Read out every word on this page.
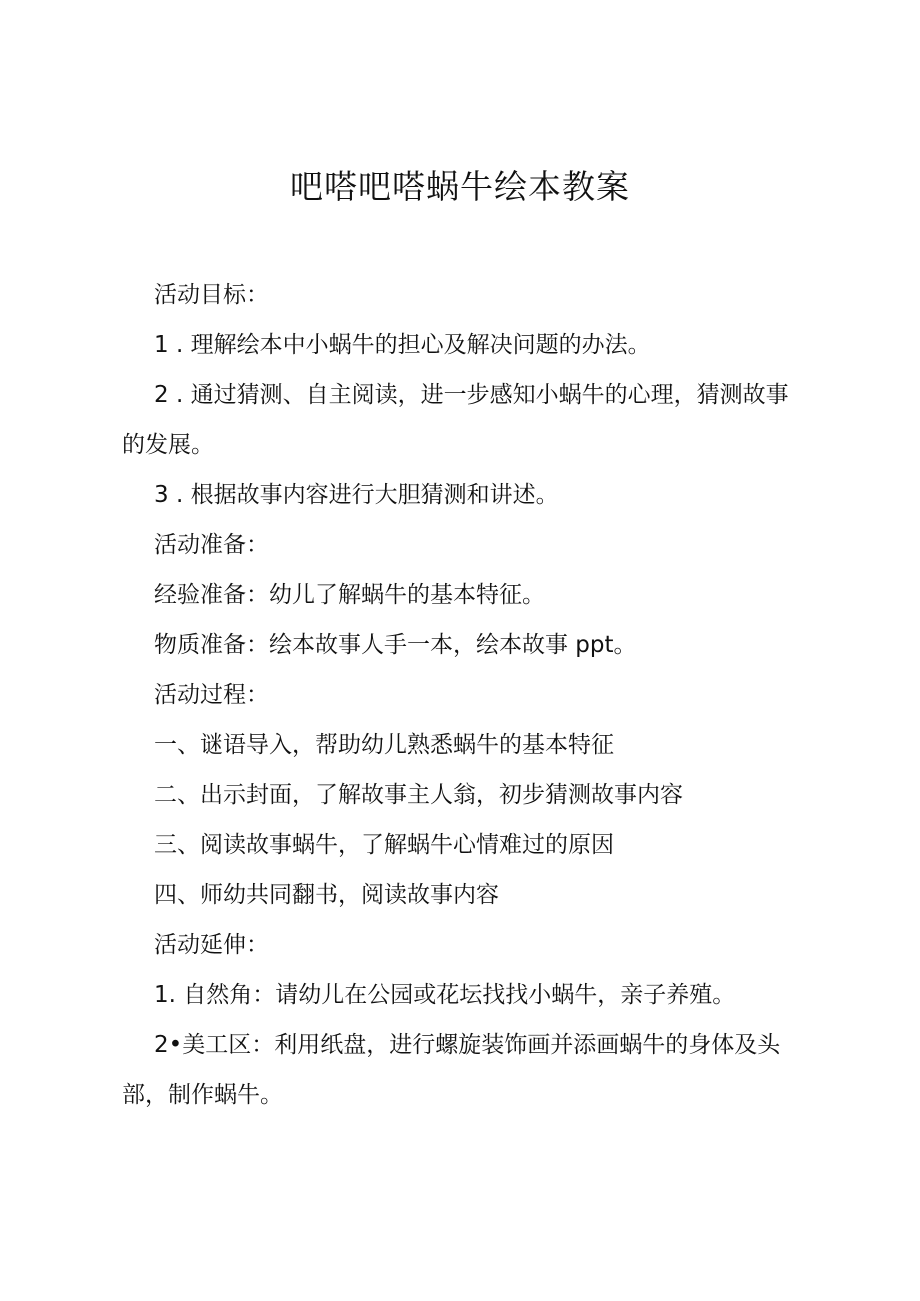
吧嗒吧嗒蜗牛绘本教案

活动目标：

1 . 理解绘本中小蜗牛的担心及解决问题的办法。

2 . 通过猜测、自主阅读，进一步感知小蜗牛的心理，猜测故事的发展。

3 . 根据故事内容进行大胆猜测和讲述。

活动准备：

经验准备：幼儿了解蜗牛的基本特征。

物质准备：绘本故事人手一本，绘本故事 ppt。

活动过程：

一、谜语导入，帮助幼儿熟悉蜗牛的基本特征

二、出示封面，了解故事主人翁，初步猜测故事内容

三、阅读故事蜗牛，了解蜗牛心情难过的原因

四、师幼共同翻书，阅读故事内容

活动延伸：

1. 自然角：请幼儿在公园或花坛找找小蜗牛，亲子养殖。

2•美工区：利用纸盘，进行螺旋装饰画并添画蜗牛的身体及头部，制作蜗牛。
